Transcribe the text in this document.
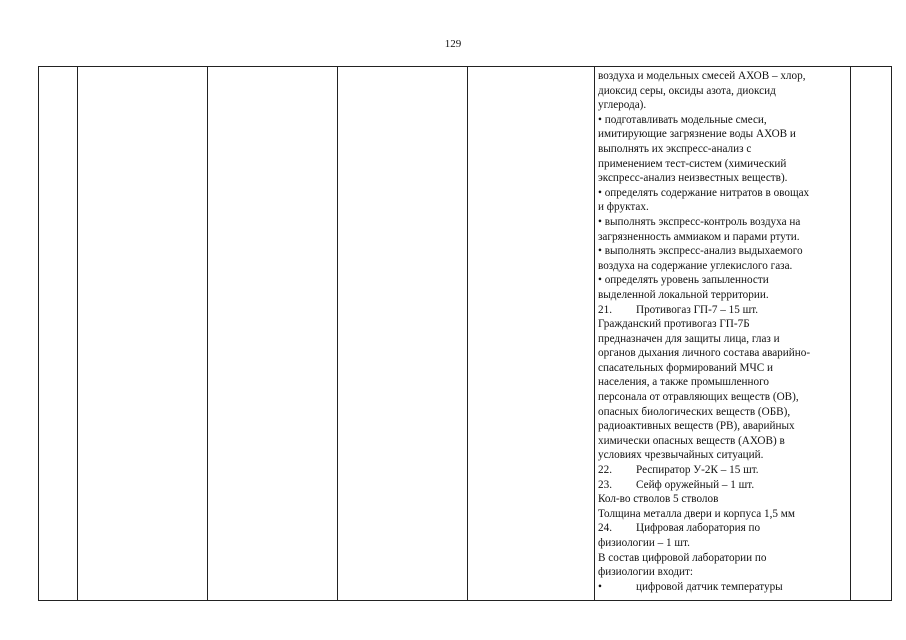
129

воздуха и модельных смесей АХОВ – хлор,
диоксид серы, оксиды азота, диоксид
углерода).
• подготавливать модельные смеси,
имитирующие загрязнение воды АХОВ и
выполнять их экспресс-анализ с
применением тест-систем (химический
экспресс-анализ неизвестных веществ).
• определять содержание нитратов в овощах
и фруктах.
• выполнять экспресс-контроль воздуха на
загрязненность аммиаком и парами ртути.
• выполнять экспресс-анализ выдыхаемого
воздуха на содержание углекислого газа.
• определять уровень запыленности
выделенной локальной территории.
21. Противогаз ГП-7 – 15 шт.
Гражданский противогаз ГП-7Б
предназначен для защиты лица, глаз и
органов дыхания личного состава аварийно-
спасательных формирований МЧС и
населения, а также промышленного
персонала от отравляющих веществ (ОВ),
опасных биологических веществ (ОБВ),
радиоактивных веществ (РВ), аварийных
химически опасных веществ (АХОВ) в
условиях чрезвычайных ситуаций.
22. Респиратор У-2К – 15 шт.
23. Сейф оружейный – 1 шт.
Кол-во стволов 5 стволов
Толщина металла двери и корпуса 1,5 мм
24. Цифровая лаборатория по
физиологии – 1 шт.
В состав цифровой лаборатории по
физиологии входит:
•	цифровой датчик температуры
